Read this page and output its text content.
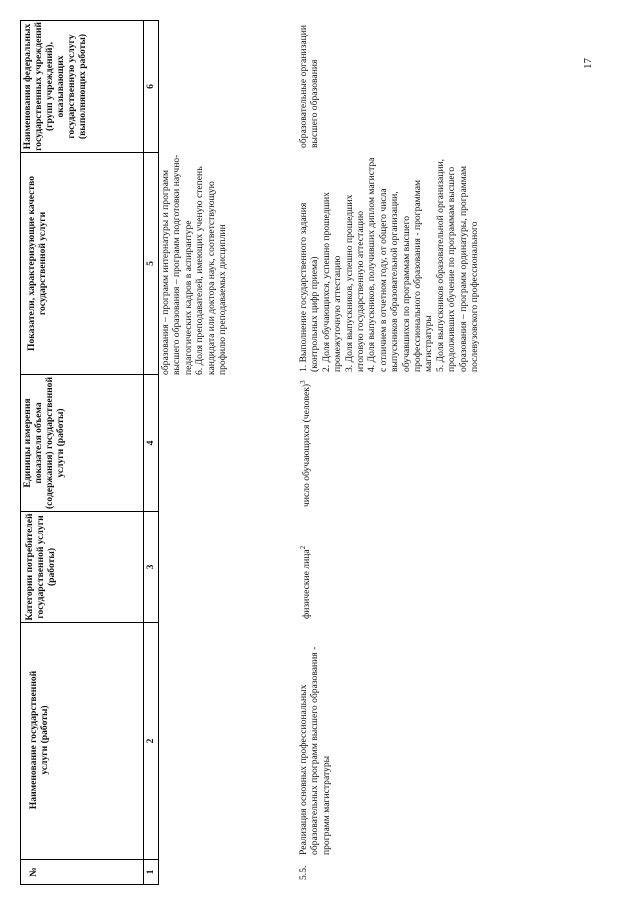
№
Наименование государственной услуги (работы)
Категории потребителей государственной услуги (работы)
Единицы измерения показателя объема (содержания) государственной услуги (работы)
Показатели, характеризующие качество государственной услуги
Наименования федеральных государственных учреждений (групп учреждений), оказывающих государственную услугу (выполняющих работы)
1
2
3
4
5
6
образования – программ интернатуры и программ высшего образования – программ подготовки научно-педагогических кадров в аспирантуре
6. Доля преподавателей, имеющих ученую степень кандидата или доктора наук, соответствующую профилю преподаваемых дисциплин
5.5.
Реализация основных профессиональных образовательных программ высшего образования - программ магистратуры
физические лица$^2$
число обучающихся (человек)$^3$
1. Выполнение государственного задания (контрольных цифр приема)
2. Доля обучающихся, успешно прошедших промежуточную аттестацию
3. Доля выпускников, успешно прошедших итоговую государственную аттестацию
4. Доля выпускников, получивших диплом магистра с отличием в отчетном году, от общего числа выпускников образовательной организации, обучавшихся по программам высшего профессионального образования - программам магистратуры
5. Доля выпускников образовательной организации, продолживших обучение по программам высшего образования – программ ординатуры, программам послевузовского профессионального
образовательные организации высшего образования	17
